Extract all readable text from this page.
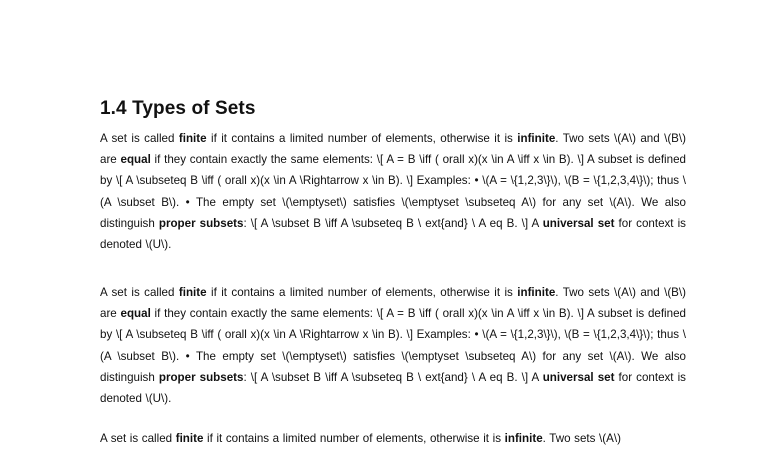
1.4 Types of Sets

A set is called finite if it contains a limited number of elements, otherwise it is infinite. Two sets \(A\) and \(B\) are equal if they contain exactly the same elements: \[ A = B \iff ( orall x)(x \in A \iff x \in B). \] A subset is defined by \[ A \subseteq B \iff ( orall x)(x \in A \Rightarrow x \in B). \] Examples: • \(A = \{1,2,3\}\), \(B = \{1,2,3,4\}\); thus \(A \subset B\). • The empty set \(\emptyset\) satisfies \(\emptyset \subseteq A\) for any set \(A\). We also distinguish proper subsets: \[ A \subset B \iff A \subseteq B \ ext{and} \ A eq B. \] A universal set for context is denoted \(U\).

A set is called finite if it contains a limited number of elements, otherwise it is infinite. Two sets \(A\) and \(B\) are equal if they contain exactly the same elements: \[ A = B \iff ( orall x)(x \in A \iff x \in B). \] A subset is defined by \[ A \subseteq B \iff ( orall x)(x \in A \Rightarrow x \in B). \] Examples: • \(A = \{1,2,3\}\), \(B = \{1,2,3,4\}\); thus \(A \subset B\). • The empty set \(\emptyset\) satisfies \(\emptyset \subseteq A\) for any set \(A\). We also distinguish proper subsets: \[ A \subset B \iff A \subseteq B \ ext{and} \ A eq B. \] A universal set for context is denoted \(U\).

A set is called finite if it contains a limited number of elements, otherwise it is infinite. Two sets \(A\)
